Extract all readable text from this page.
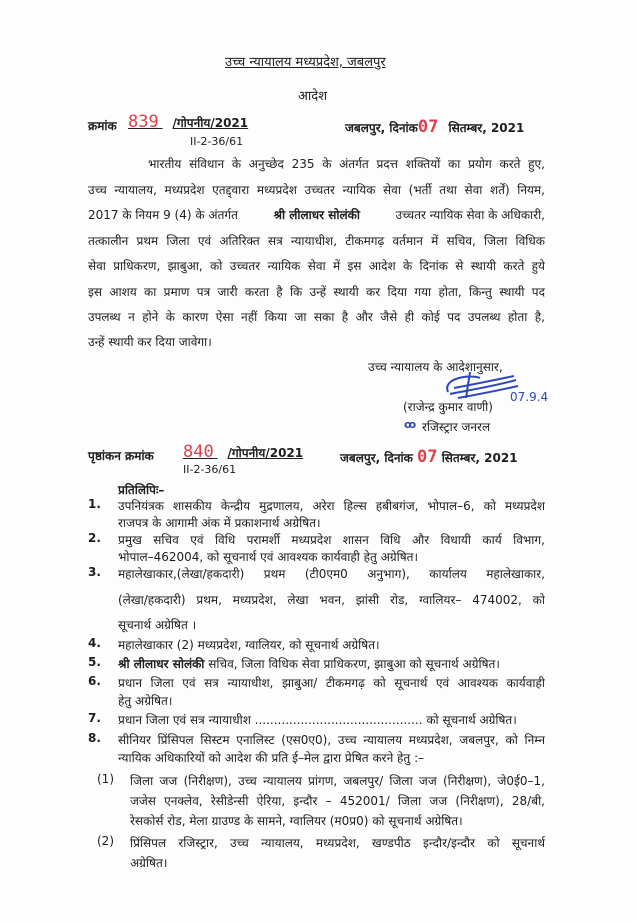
उच्च न्यायालय मध्यप्रदेश, जबलपुर
आदेश
क्रमांक 839 /गोपनीय/2021
II-2-36/61
जबलपुर, दिनांक07 सितम्बर, 2021
भारतीय संविधान के अनुच्छेद 235 के अंतर्गत प्रदत्त शक्तियों का प्रयोग करते हुए,
उच्च न्यायालय, मध्यप्रदेश एतद्द्वारा मध्यप्रदेश उच्चतर न्यायिक सेवा (भर्ती तथा सेवा शर्तें) नियम,
2017 के नियम 9 (4) के अंतर्गत	श्री लीलाधर सोलंकी	उच्चतर न्यायिक सेवा के अधिकारी,
तत्कालीन प्रथम जिला एवं अतिरिक्त सत्र न्यायाधीश, टीकमगढ़ वर्तमान में सचिव, जिला विधिक
सेवा प्राधिकरण, झाबुआ, को उच्चतर न्यायिक सेवा में इस आदेश के दिनांक से स्थायी करते हुये
इस आशय का प्रमाण पत्र जारी करता है कि उन्हें स्थायी कर दिया गया होता, किन्तु स्थायी पद
उपलब्ध न होने के कारण ऐसा नहीं किया जा सका है और जैसे ही कोई पद उपलब्ध होता है,
उन्हें स्थायी कर दिया जावेगा।
उच्च न्यायालय के आदेशानुसार,
(राजेन्द्र कुमार वाणी)
07.9.4
ꝏ रजिस्ट्रार जनरल
पृष्ठांकन क्रमांक 840 /गोपनीय/2021
II-2-36/61
जबलपुर, दिनांक 07 सितम्बर, 2021
प्रतिलिपिः–
1. उपनियंत्रक शासकीय केन्द्रीय मुद्रणालय, अरेरा हिल्स हबीबगंज, भोपाल–6, को मध्यप्रदेश
राजपत्र के आगामी अंक में प्रकाशनार्थ अग्रेषित।
2. प्रमुख सचिव एवं विधि परामर्शी मध्यप्रदेश शासन विधि और विधायी कार्य विभाग,
भोपाल–462004, को सूचनार्थ एवं आवश्यक कार्यवाही हेतु अग्रेषित।
3. महालेखाकार,(लेखा/हकदारी) प्रथम (टी0एम0 अनुभाग), कार्यालय महालेखाकार,
(लेखा/हकदारी) प्रथम, मध्यप्रदेश, लेखा भवन, झांसी रोड, ग्वालियर– 474002, को
सूचनार्थ अग्रेषित ।
4. महालेखाकार (2) मध्यप्रदेश, ग्वालियर, को सूचनार्थ अग्रेषित।
5. श्री लीलाधर सोलंकी सचिव, जिला विधिक सेवा प्राधिकरण, झाबुआ को सूचनार्थ अग्रेषित।
6. प्रधान जिला एवं सत्र न्यायाधीश, झाबुआ/ टीकमगढ़ को सूचनार्थ एवं आवश्यक कार्यवाही
हेतु अग्रेषित।
7. प्रधान जिला एवं सत्र न्यायाधीश ............................................ को सूचनार्थ अग्रेषित।
8. सीनियर प्रिंसिपल सिस्टम एनालिस्ट (एस0ए0), उच्च न्यायालय मध्यप्रदेश, जबलपुर, को निम्न
न्यायिक अधिकारियों को आदेश की प्रति ई–मेल द्वारा प्रेषित करने हेतु :–
(1) जिला जज (निरीक्षण), उच्च न्यायालय प्रांगण, जबलपुर/ जिला जज (निरीक्षण), जे0ई0–1,
जजेस एनक्लेव, रेसीडेन्सी ऐरिया, इन्दौर – 452001/ जिला जज (निरीक्षण), 28/बी,
रेसकोर्स रोड, मेला ग्राउण्ड के सामने, ग्वालियर (म0प्र0) को सूचनार्थ अग्रेषित।
(2) प्रिंसिपल रजिस्ट्रार, उच्च न्यायालय, मध्यप्रदेश, खण्डपीठ इन्दौर/इन्दौर को सूचनार्थ
अग्रेषित।
